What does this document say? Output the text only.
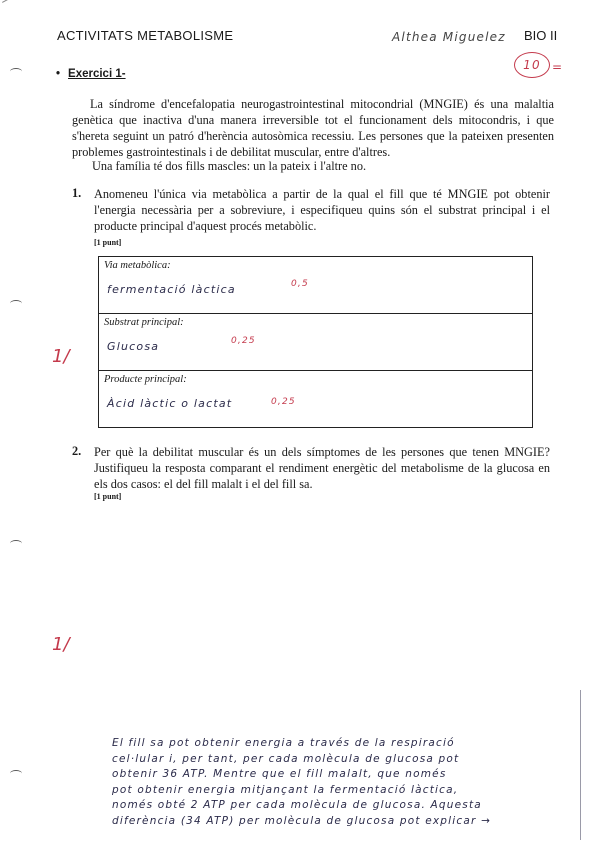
ACTIVITATS METABOLISME	Althea Miguelez BIO II
10 =
• Exercici 1-
La síndrome d'encefalopatia neurogastrointestinal mitocondrial (MNGIE) és una malaltia genètica que inactiva d'una manera irreversible tot el funcionament dels mitocondris, i que s'hereta seguint un patró d'herència autosòmica recessiu. Les persones que la pateixen presenten problemes gastrointestinals i de debilitat muscular, entre d'altres.
Una família té dos fills mascles: un la pateix i l'altre no.
1. Anomeneu l'única via metabòlica a partir de la qual el fill que té MNGIE pot obtenir l'energia necessària per a sobreviure, i especifiqueu quins són el substrat principal i el producte principal d'aquest procés metabòlic.
[1 punt]
Via metabòlica:
fermentació làctica	0,5
Substrat principal:
Glucosa	0,25
Producte principal:
Àcid làctic o lactat	0,25
1/
2. Per què la debilitat muscular és un dels símptomes de les persones que tenen MNGIE? Justifiqueu la resposta comparant el rendiment energètic del metabolisme de la glucosa en els dos casos: el del fill malalt i el del fill sa.
[1 punt]
1/
El fill sa pot obtenir energia a través de la respiració
cel·lular i, per tant, per cada molècula de glucosa pot
obtenir 36 ATP. Mentre que el fill malalt, que només
pot obtenir energia mitjançant la fermentació làctica,
només obté 2 ATP per cada molècula de glucosa. Aquesta
diferència (34 ATP) per molècula de glucosa pot explicar →
